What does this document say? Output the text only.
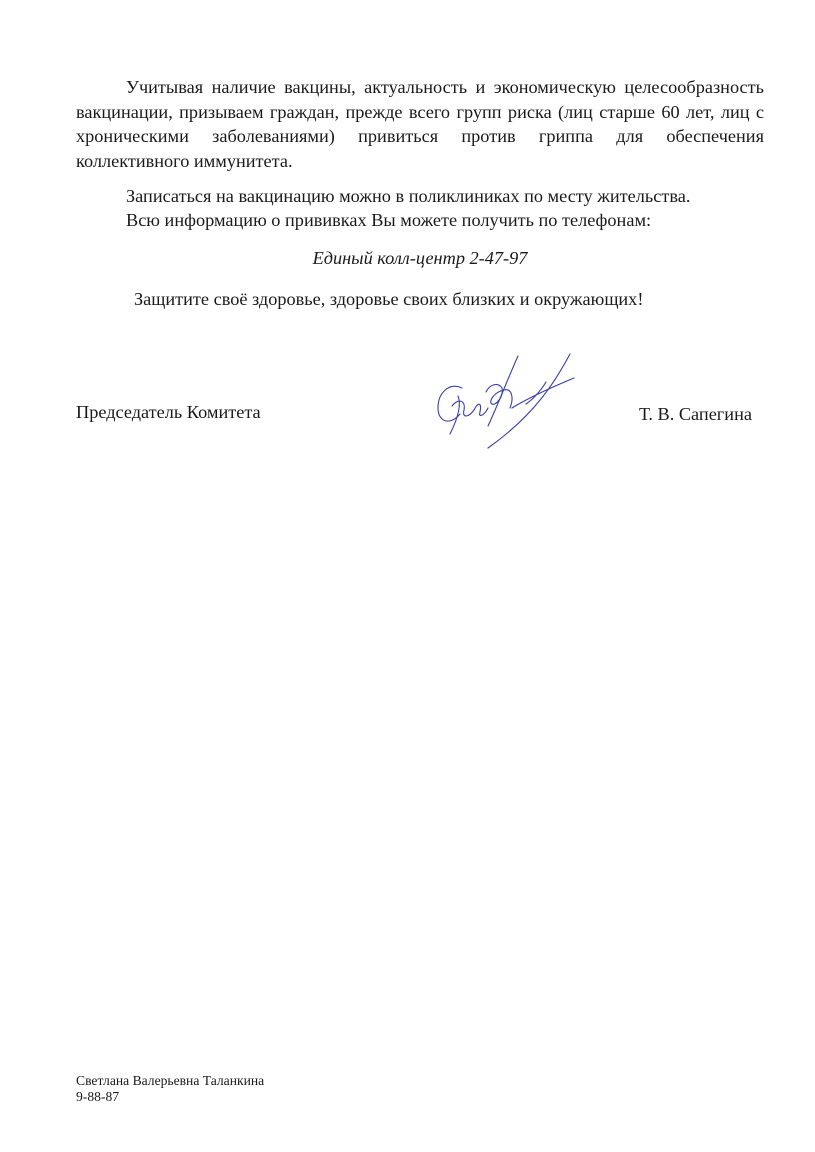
Учитывая наличие вакцины, актуальность и экономическую целесообразность вакцинации, призываем граждан, прежде всего групп риска (лиц старше 60 лет, лиц с хроническими заболеваниями) привиться против гриппа для обеспечения коллективного иммунитета.

Записаться на вакцинацию можно в поликлиниках по месту жительства.

Всю информацию о прививках Вы можете получить по телефонам:

Единый колл-центр 2-47-97

Защитите своё здоровье, здоровье своих близких и окружающих!

Председатель Комитета	Т. В. Сапегина

Светлана Валерьевна Таланкина
9-88-87
